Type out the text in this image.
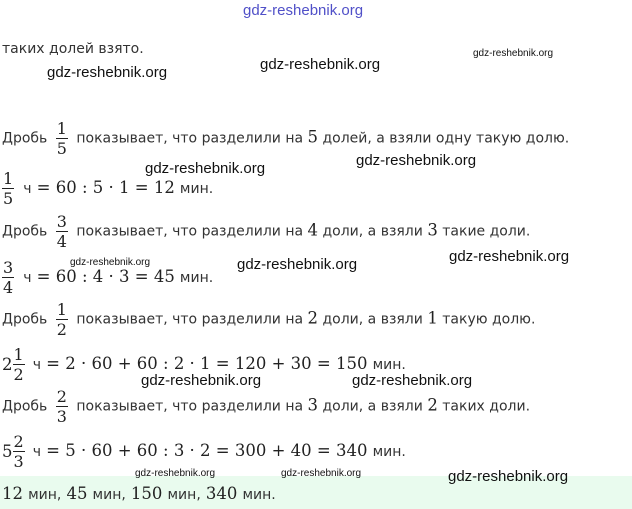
gdz-reshebnik.org
таких долей взято.
Дробь $\frac{1}{5}$ показывает, что разделили на 5 долей, а взяли одну такую долю.
$\frac{1}{5}$ ч = 60 : 5 · 1 = 12 мин.
Дробь $\frac{3}{4}$ показывает, что разделили на 4 доли, а взяли 3 такие доли.
$\frac{3}{4}$ ч = 60 : 4 · 3 = 45 мин.
Дробь $\frac{1}{2}$ показывает, что разделили на 2 доли, а взяли 1 такую долю.
$2 \frac{1}{2}$ ч = 2 · 60 + 60 : 2 · 1 = 120 + 30 = 150 мин.
Дробь $\frac{2}{3}$ показывает, что разделили на 3 доли, а взяли 2 таких доли.
$5 \frac{2}{3}$ ч = 5 · 60 + 60 : 3 · 2 = 300 + 40 = 340 мин.
12 мин, 45 мин, 150 мин, 340 мин.
gdz-reshebnik.org	gdz-reshebnik.org
gdz-reshebnik.org
gdz-reshebnik.org	gdz-reshebnik.org
gdz-reshebnik.org	gdz-reshebnik.org	gdz-reshebnik.org
gdz-reshebnik.org	gdz-reshebnik.org
gdz-reshebnik.org	gdz-reshebnik.org	gdz-reshebnik.org
